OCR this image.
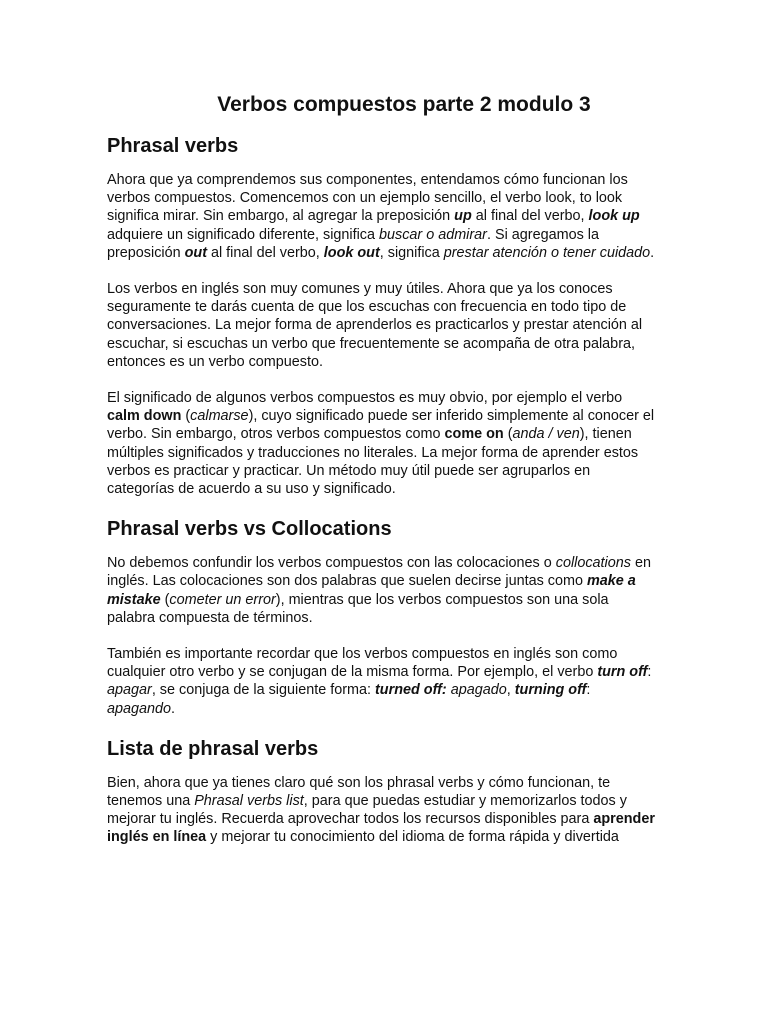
Verbos compuestos parte 2 modulo 3
Phrasal verbs

Ahora que ya comprendemos sus componentes, entendamos cómo funcionan los verbos compuestos. Comencemos con un ejemplo sencillo, el verbo look, to look significa mirar. Sin embargo, al agregar la preposición up al final del verbo, look up adquiere un significado diferente, significa buscar o admirar. Si agregamos la preposición out al final del verbo, look out, significa prestar atención o tener cuidado.

Los verbos en inglés son muy comunes y muy útiles. Ahora que ya los conoces seguramente te darás cuenta de que los escuchas con frecuencia en todo tipo de conversaciones. La mejor forma de aprenderlos es practicarlos y prestar atención al escuchar, si escuchas un verbo que frecuentemente se acompaña de otra palabra, entonces es un verbo compuesto.

El significado de algunos verbos compuestos es muy obvio, por ejemplo el verbo calm down (calmarse), cuyo significado puede ser inferido simplemente al conocer el verbo. Sin embargo, otros verbos compuestos como come on (anda / ven), tienen múltiples significados y traducciones no literales. La mejor forma de aprender estos verbos es practicar y practicar. Un método muy útil puede ser agruparlos en categorías de acuerdo a su uso y significado.

Phrasal verbs vs Collocations

No debemos confundir los verbos compuestos con las colocaciones o collocations en inglés. Las colocaciones son dos palabras que suelen decirse juntas como make a mistake (cometer un error), mientras que los verbos compuestos son una sola palabra compuesta de términos.

También es importante recordar que los verbos compuestos en inglés son como cualquier otro verbo y se conjugan de la misma forma. Por ejemplo, el verbo turn off: apagar, se conjuga de la siguiente forma: turned off: apagado, turning off: apagando.

Lista de phrasal verbs

Bien, ahora que ya tienes claro qué son los phrasal verbs y cómo funcionan, te tenemos una Phrasal verbs list, para que puedas estudiar y memorizarlos todos y mejorar tu inglés. Recuerda aprovechar todos los recursos disponibles para aprender inglés en línea y mejorar tu conocimiento del idioma de forma rápida y divertida
